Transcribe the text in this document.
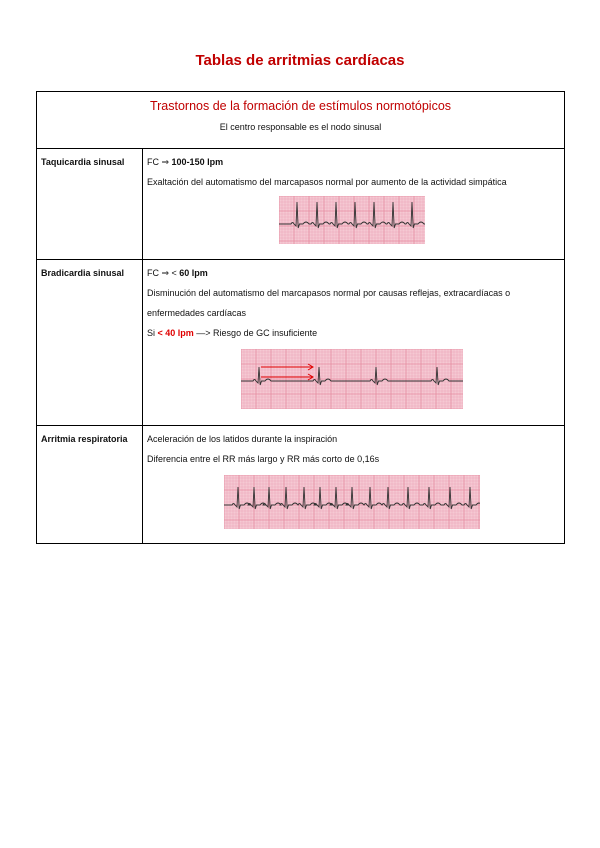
Tablas de arritmias cardíacas
Trastornos de la formación de estímulos normotópicos
El centro responsable es el nodo sinusal	

Taquicardia sinusal	FC ⇒ 100-150 lpm
Exaltación del automatismo del marcapasos normal por aumento de la actividad simpática

Bradicardia sinusal	FC ⇒ < 60 lpm
Disminución del automatismo del marcapasos normal por causas reflejas, extracardíacas o
enfermedades cardíacas
Si < 40 lpm —> Riesgo de GC insuficiente

Arritmia respiratoria	Aceleración de los latidos durante la inspiración
Diferencia entre el RR más largo y RR más corto de 0,16s
